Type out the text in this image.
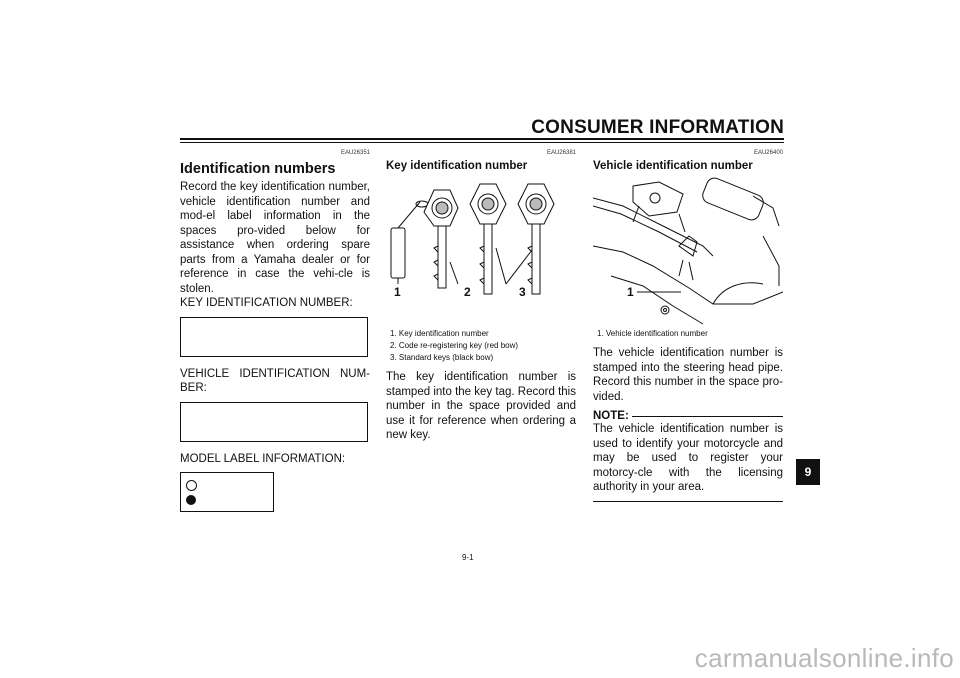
CONSUMER INFORMATION
EAU26351
Identification numbers
Record the key identification number, vehicle identification number and mod-el label information in the spaces pro-vided below for assistance when ordering spare parts from a Yamaha dealer or for reference in case the vehi-cle is stolen.
KEY IDENTIFICATION NUMBER:
VEHICLE IDENTIFICATION NUM-BER:
MODEL LABEL INFORMATION:
EAU26381
Key identification number
1	2	3
1. Key identification number
2. Code re-registering key (red bow)
3. Standard keys (black bow)
The key identification number is stamped into the key tag. Record this number in the space provided and use it for reference when ordering a new key.
EAU26400
Vehicle identification number
1
1. Vehicle identification number
The vehicle identification number is stamped into the steering head pipe. Record this number in the space pro-vided.
NOTE:
The vehicle identification number is used to identify your motorcycle and may be used to register your motorcy-cle with the licensing authority in your area.
9
9-1
carmanualsonline.info
